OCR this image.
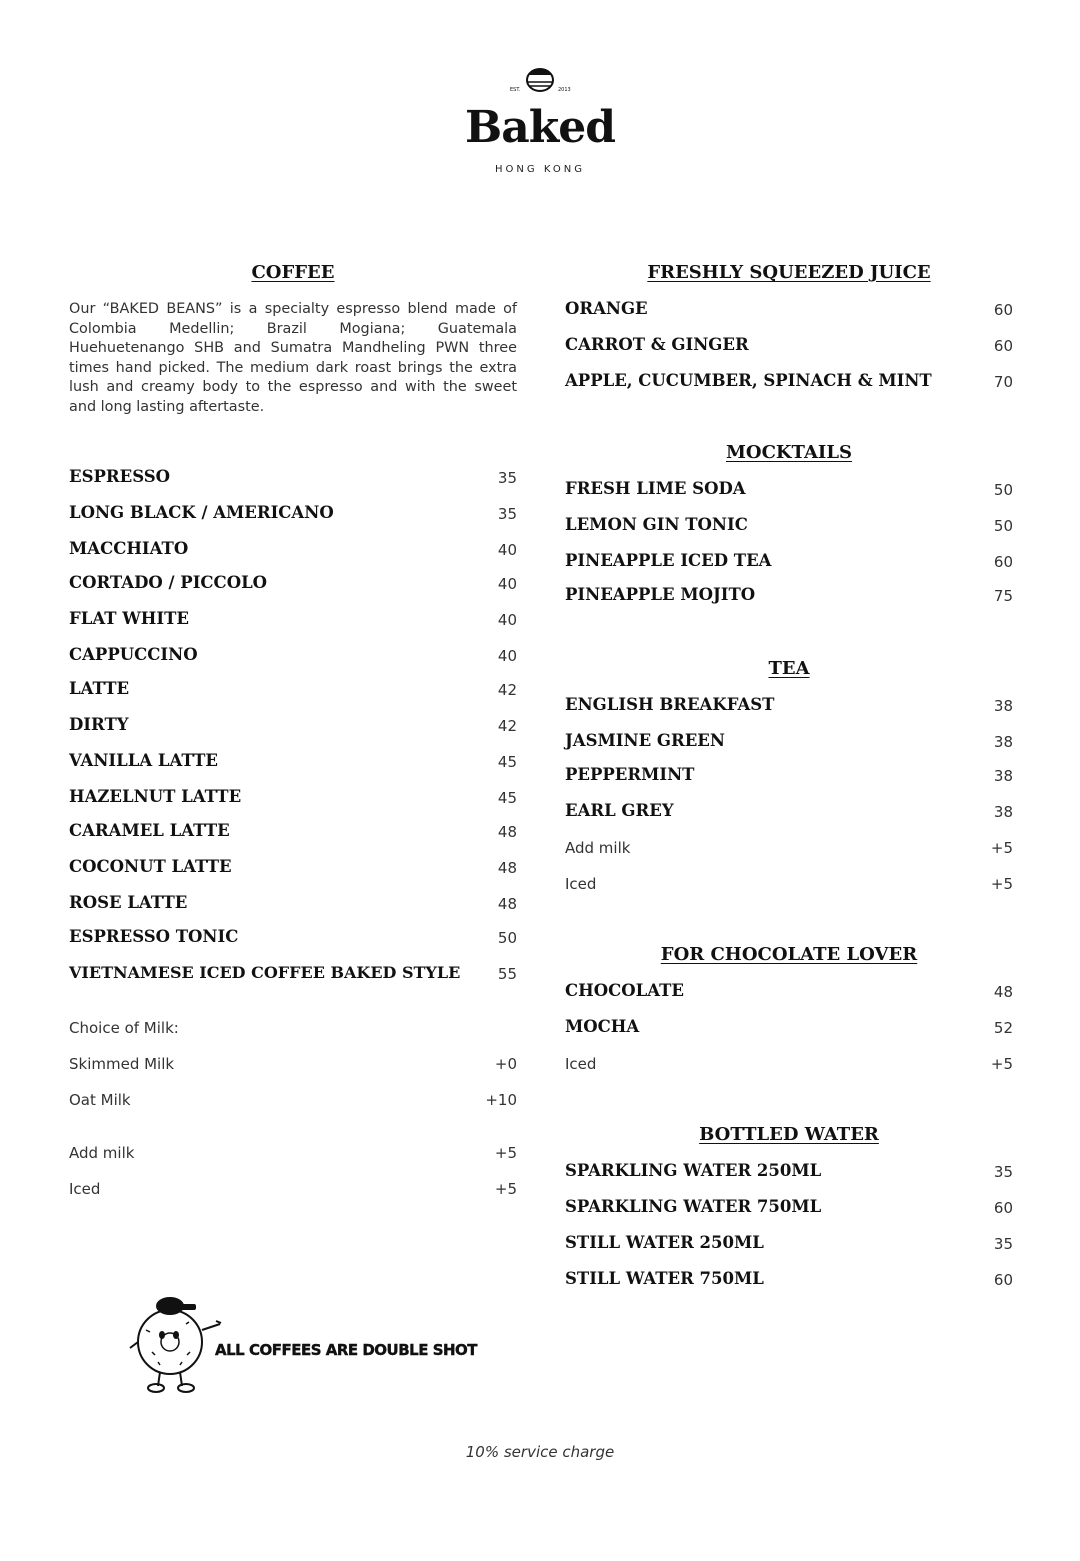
EST.	2013
Baked
HONG KONG
COFFEE
Our “BAKED BEANS” is a specialty espresso blend made of Colombia Medellin; Brazil Mogiana; Guatemala Huehuetenango SHB and Sumatra Mandheling PWN three times hand picked. The medium dark roast brings the extra lush and creamy body to the espresso and with the sweet and long lasting aftertaste.
ESPRESSO	35
LONG BLACK / AMERICANO	35
MACCHIATO	40
CORTADO / PICCOLO	40
FLAT WHITE	40
CAPPUCCINO	40
LATTE	42
DIRTY	42
VANILLA LATTE	45
HAZELNUT LATTE	45
CARAMEL LATTE	48
COCONUT LATTE	48
ROSE LATTE	48
ESPRESSO TONIC	50
VIETNAMESE ICED COFFEE BAKED STYLE	55
Choice of Milk:
Skimmed Milk	+0
Oat Milk	+10
Add milk	+5
Iced	+5
FRESHLY SQUEEZED JUICE
ORANGE	60
CARROT & GINGER	60
APPLE, CUCUMBER, SPINACH & MINT	70
MOCKTAILS
FRESH LIME SODA	50
LEMON GIN TONIC	50
PINEAPPLE ICED TEA	60
PINEAPPLE MOJITO	75
TEA
ENGLISH BREAKFAST	38
JASMINE GREEN	38
PEPPERMINT	38
EARL GREY	38
Add milk	+5
Iced	+5
FOR CHOCOLATE LOVER
CHOCOLATE	48
MOCHA	52
Iced	+5
BOTTLED WATER
SPARKLING WATER 250ML	35
SPARKLING WATER 750ML	60
STILL WATER 250ML	35
STILL WATER 750ML	60
ALL COFFEES ARE DOUBLE SHOT
10% service charge
